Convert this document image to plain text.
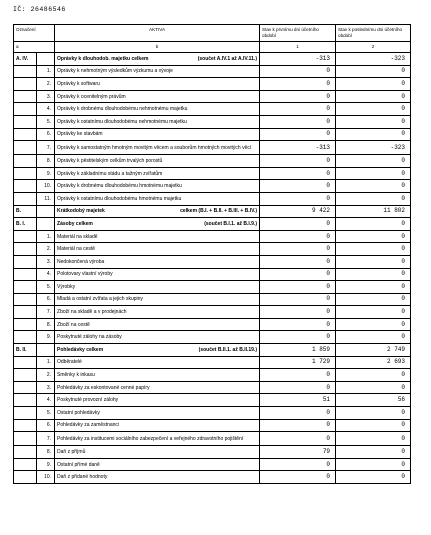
IČ: 26486546
Označení		AKTIVA	Stav k prvnímu dni účetního období	Stav k poslednímu dni účetního období
a		b	1	2
A. IV.		Oprávky k dlouhodob. majetku celkem (součet A.IV.1 až A.IV.11.)	-313	-323
	1.	Oprávky k nehmotným výsledkům výzkumu a vývoje	0	0
	2.	Oprávky k softwaru	0	0
	3.	Oprávky k ocenitelným právům	0	0
	4.	Oprávky k drobnému dlouhodobému nehmotnému majetku	0	0
	5.	Oprávky k ostatnímu dlouhodobému nehmotnému majetku	0	0
	6.	Oprávky ke stavbám	0	0
	7.	Oprávky k samostatným hmotným movitým věcem a souborům hmotných movitých věcí	-313	-323
	8.	Oprávky k pěstitelským celkům trvalých porostů	0	0
	9.	Oprávky k základnímu stádu a tažným zvířatům	0	0
	10.	Oprávky k drobnému dlouhodobému hmotnému majetku	0	0
	11.	Oprávky k ostatnímu dlouhodobému hmotnému majetku	0	0
B.		Krátkodobý majetek celkem (B.I. + B.II. + B.III. + B.IV.)	9 422	11 802
B. I.		Zásoby celkem (součet B.I.1. až B.I.9.)	0	0
	1.	Materiál na skladě	0	0
	2.	Materiál na cestě	0	0
	3.	Nedokončená výroba	0	0
	4.	Polotovary vlastní výroby	0	0
	5.	Výrobky	0	0
	6.	Mladá a ostatní zvířata a jejich skupiny	0	0
	7.	Zboží na skladě a v prodejnách	0	0
	8.	Zboží na cestě	0	0
	9.	Poskytnuté zálohy na zásoby	0	0
B. II.		Pohledávky celkem (součet B.II.1. až B.II.19.)	1 859	2 749
	1.	Odběratelé	1 729	2 693
	2.	Směnky k inkasu	0	0
	3.	Pohledávky za eskontované cenné papíry	0	0
	4.	Poskytnuté provozní zálohy	51	56
	5.	Ostatní pohledávky	0	0
	6.	Pohledávky za zaměstnanci	0	0
	7.	Pohledávky za institucemi sociálního zabezpečení a veřejného zdravotního pojištění	0	0
	8.	Daň z příjmů	79	0
	9.	Ostatní přímé daně	0	0
	10.	Daň z přidané hodnoty	0	0
